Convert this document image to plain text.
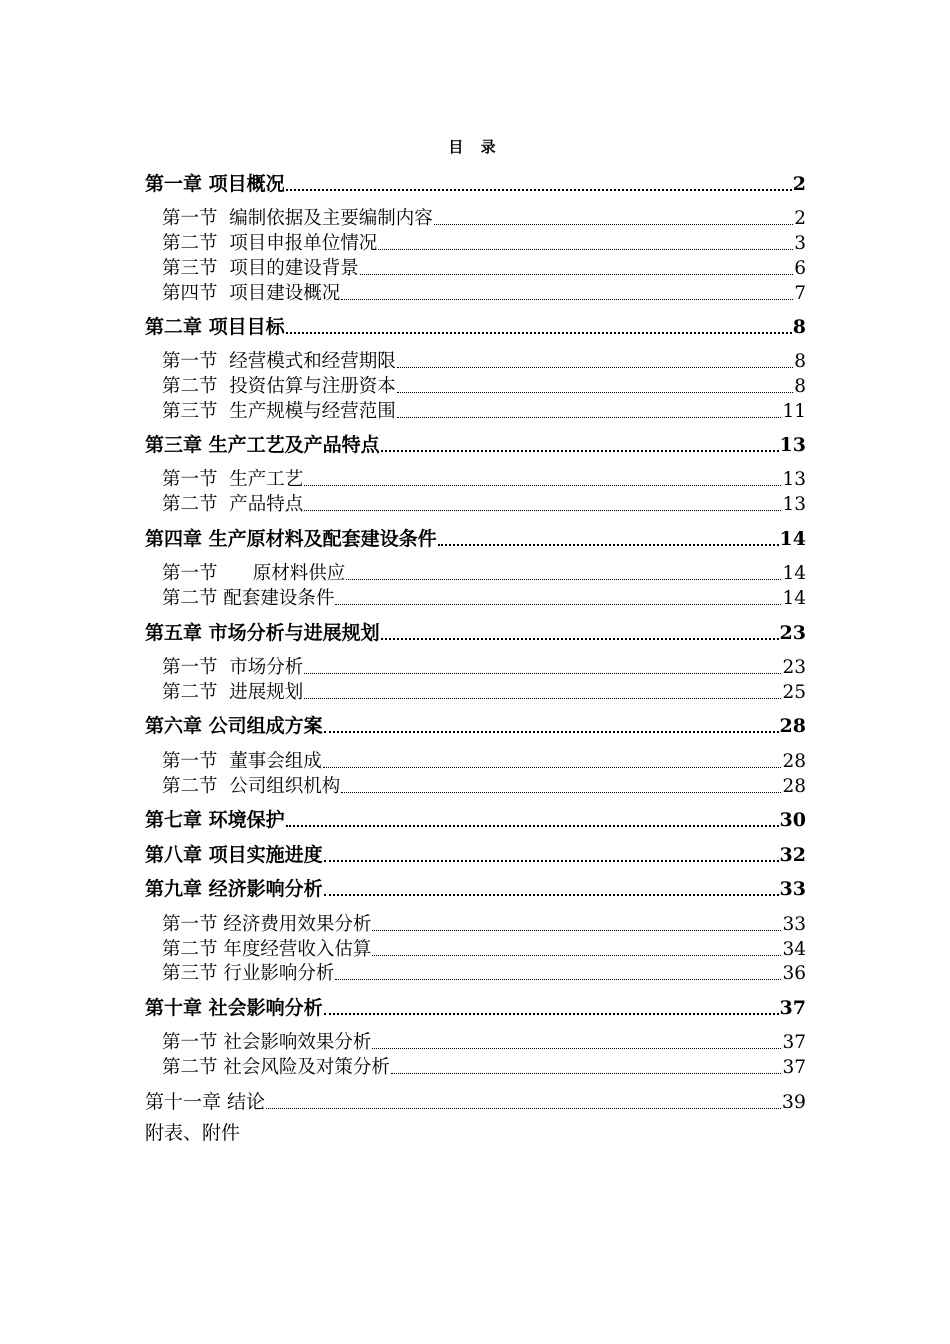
目 录
第一章 项目概况	2
第一节  编制依据及主要编制内容	2
第二节  项目申报单位情况	3
第三节  项目的建设背景	6
第四节  项目建设概况	7
第二章 项目目标	8
第一节  经营模式和经营期限	8
第二节  投资估算与注册资本	8
第三节  生产规模与经营范围	11
第三章 生产工艺及产品特点	13
第一节  生产工艺	13
第二节  产品特点	13
第四章 生产原材料及配套建设条件	14
第一节      原材料供应	14
第二节 配套建设条件	14
第五章 市场分析与进展规划	23
第一节  市场分析	23
第二节  进展规划	25
第六章 公司组成方案	28
第一节  董事会组成	28
第二节  公司组织机构	28
第七章 环境保护	30
第八章 项目实施进度	32
第九章 经济影响分析	33
第一节 经济费用效果分析	33
第二节 年度经营收入估算	34
第三节 行业影响分析	36
第十章 社会影响分析	37
第一节 社会影响效果分析	37
第二节 社会风险及对策分析	37
第十一章 结论	39
附表、附件
